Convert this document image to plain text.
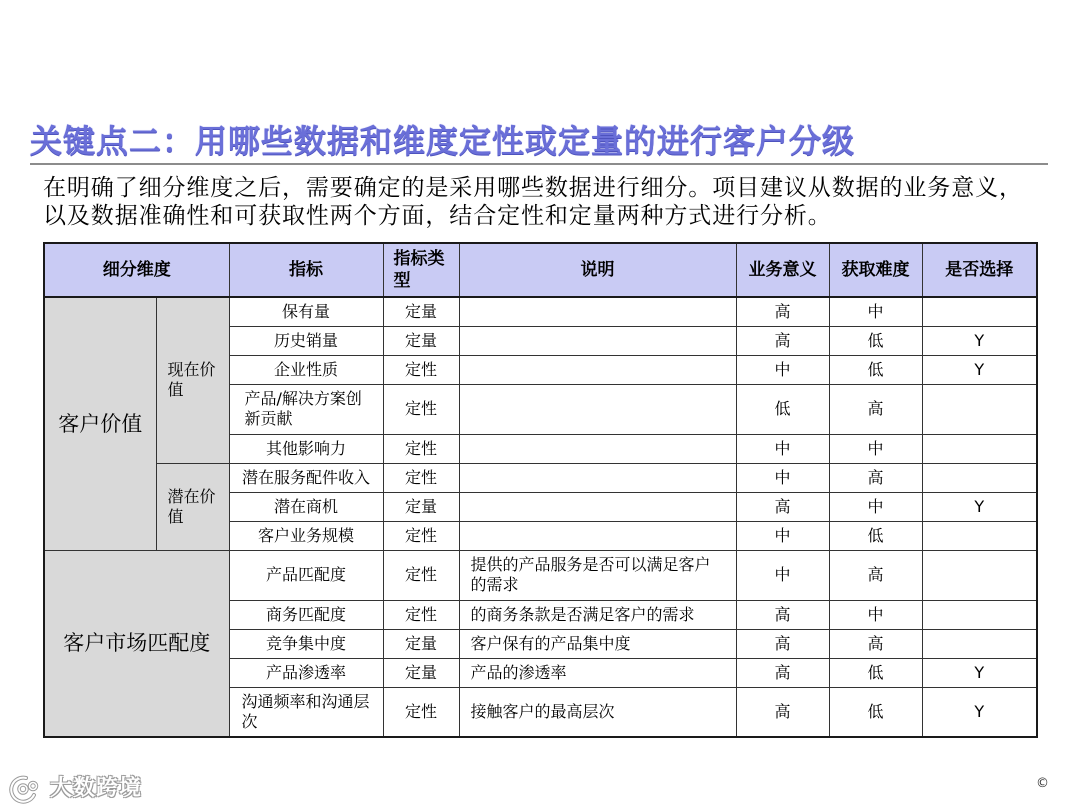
关键点二：用哪些数据和维度定性或定量的进行客户分级

在明确了细分维度之后，需要确定的是采用哪些数据进行细分。项目建议从数据的业务意义，以及数据准确性和可获取性两个方面，结合定性和定量两种方式进行分析。

细分维度		指标	指标类型	说明	业务意义	获取难度	是否选择
客户价值	现在价值	保有量	定量		高	中	
		历史销量	定量		高	低	Y
		企业性质	定性		中	低	Y
		产品/解决方案创新贡献	定性		低	高	
		其他影响力	定性		中	中	
	潜在价值	潜在服务配件收入	定性		中	高	
		潜在商机	定量		高	中	Y
		客户业务规模	定性		中	低	
客户市场匹配度		产品匹配度	定性	提供的产品服务是否可以满足客户的需求	中	高	
		商务匹配度	定性	的商务条款是否满足客户的需求	高	中	
		竞争集中度	定量	客户保有的产品集中度	高	高	
		产品渗透率	定量	产品的渗透率	高	低	Y
		沟通频率和沟通层次	定性	接触客户的最高层次	高	低	Y
大数跨境	©
